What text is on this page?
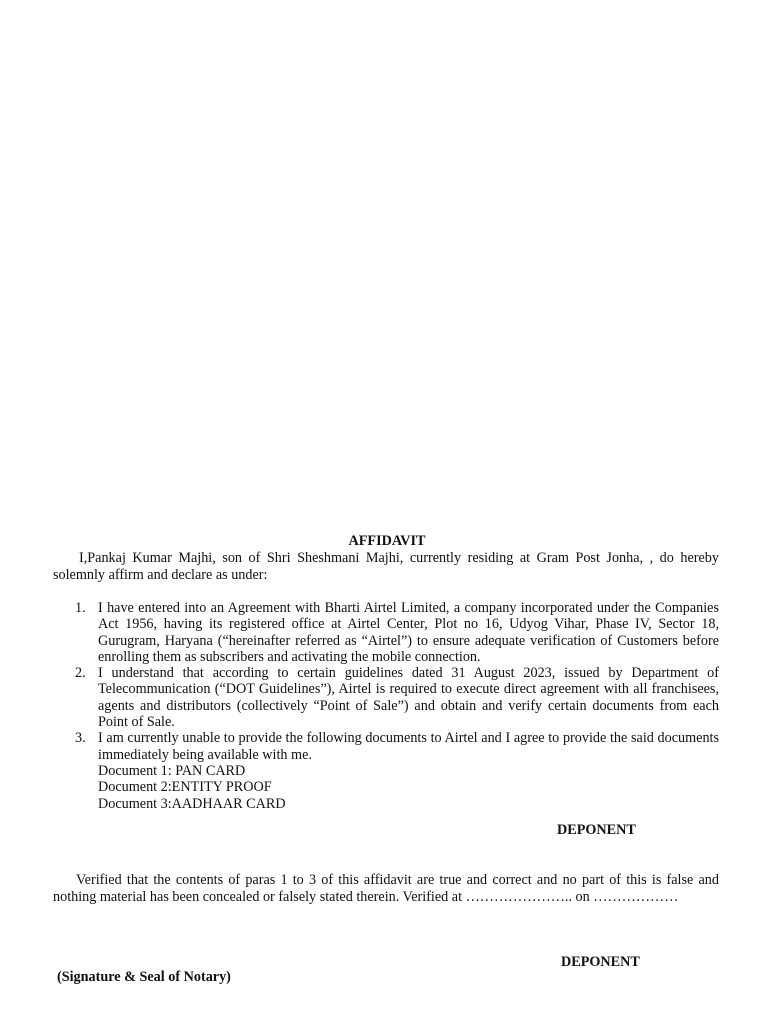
AFFIDAVIT

I,Pankaj Kumar Majhi, son of Shri Sheshmani Majhi, currently residing at Gram Post Jonha, , do hereby solemnly affirm and declare as under:

1. I have entered into an Agreement with Bharti Airtel Limited, a company incorporated under the Companies Act 1956, having its registered office at Airtel Center, Plot no 16, Udyog Vihar, Phase IV, Sector 18, Gurugram, Haryana (“hereinafter referred as “Airtel”) to ensure adequate verification of Customers before enrolling them as subscribers and activating the mobile connection.
2. I understand that according to certain guidelines dated 31 August 2023, issued by Department of Telecommunication (“DOT Guidelines”), Airtel is required to execute direct agreement with all franchisees, agents and distributors (collectively “Point of Sale”) and obtain and verify certain documents from each Point of Sale.
3. I am currently unable to provide the following documents to Airtel and I agree to provide the said documents immediately being available with me.
Document 1: PAN CARD
Document 2:ENTITY PROOF
Document 3:AADHAAR CARD
DEPONENT

Verified that the contents of paras 1 to 3 of this affidavit are true and correct and no part of this is false and nothing material has been concealed or falsely stated therein. Verified at ………………….. on ………………

DEPONENT
(Signature & Seal of Notary)
